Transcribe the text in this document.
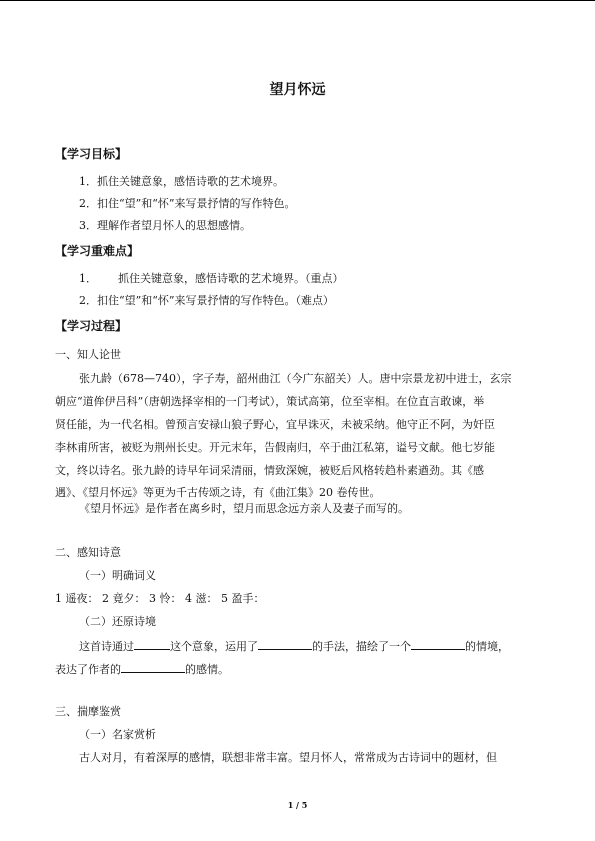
望月怀远
【学习目标】
1．抓住关键意象，感悟诗歌的艺术境界。
2．扣住“望”和“怀”来写景抒情的写作特色。
3．理解作者望月怀人的思想感情。
【学习重难点】
1．      抓住关键意象，感悟诗歌的艺术境界。（重点）
2．扣住“望”和“怀”来写景抒情的写作特色。（难点）
【学习过程】
一、知人论世
张九龄（678—740），字子寿，韶州曲江（今广东韶关）人。唐中宗景龙初中进士，玄宗
朝应“道侔伊吕科”（唐朝选择宰相的一门考试），策试高第，位至宰相。在位直言敢谏，举
贤任能，为一代名相。曾预言安禄山狼子野心，宜早诛灭，未被采纳。他守正不阿，为奸臣
李林甫所害，被贬为荆州长史。开元末年，告假南归，卒于曲江私第，谥号文献。他七岁能
文，终以诗名。张九龄的诗早年词采清丽，情致深婉，被贬后风格转趋朴素遒劲。其《感
遇》、《望月怀远》等更为千古传颂之诗，有《曲江集》20 卷传世。
《望月怀远》是作者在离乡时，望月而思念远方亲人及妻子而写的。
二、感知诗意
（一）明确词义
1 遥夜： 2 竟夕： 3 怜： 4 滋： 5 盈手：
（二）还原诗境
这首诗通过	这个意象，运用了	的手法，描绘了一个	的情境，
表达了作者的	的感情。
三、揣摩鉴赏
（一）名家赏析
古人对月，有着深厚的感情，联想非常丰富。望月怀人，常常成为古诗词中的题材，但
1 / 5
